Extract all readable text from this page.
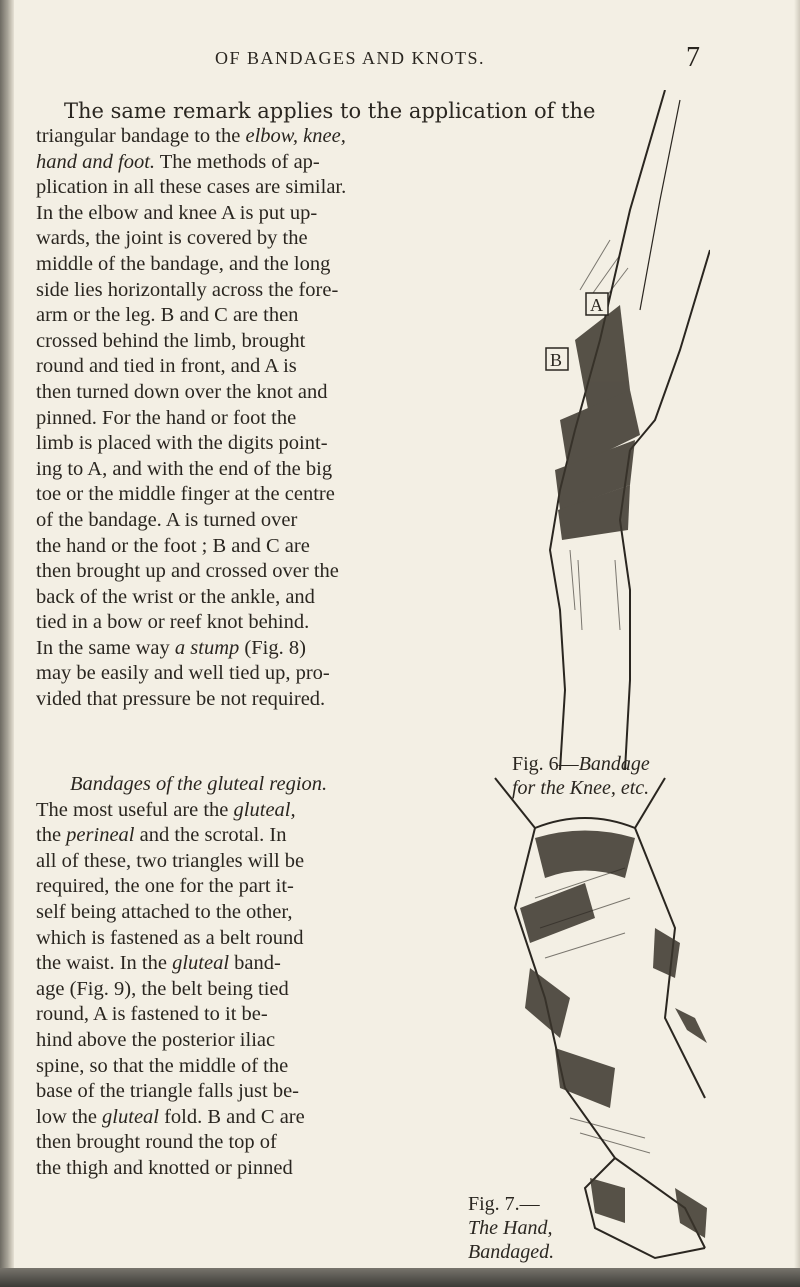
OF BANDAGES AND KNOTS.	7
The same remark applies to the application of the
triangular bandage to the elbow, knee,
hand and foot. The methods of ap-
plication in all these cases are similar.
In the elbow and knee A is put up-
wards, the joint is covered by the
middle of the bandage, and the long
side lies horizontally across the fore-
arm or the leg. B and C are then
crossed behind the limb, brought
round and tied in front, and A is
then turned down over the knot and
pinned. For the hand or foot the
limb is placed with the digits point-
ing to A, and with the end of the big
toe or the middle finger at the centre
of the bandage. A is turned over
the hand or the foot ; B and C are
then brought up and crossed over the
back of the wrist or the ankle, and
tied in a bow or reef knot behind.
In the same way a stump (Fig. 8)
may be easily and well tied up, pro-
vided that pressure be not required.
Bandages of the gluteal region.
The most useful are the gluteal,
the perineal and the scrotal. In
all of these, two triangles will be
required, the one for the part it-
self being attached to the other,
which is fastened as a belt round
the waist. In the gluteal band-
age (Fig. 9), the belt being tied
round, A is fastened to it be-
hind above the posterior iliac
spine, so that the middle of the
base of the triangle falls just be-
low the gluteal fold. B and C are
then brought round the top of
the thigh and knotted or pinned
A
B
Fig. 6—Bandage
for the Knee, etc.
Fig. 7.—
The Hand,
Bandaged.
